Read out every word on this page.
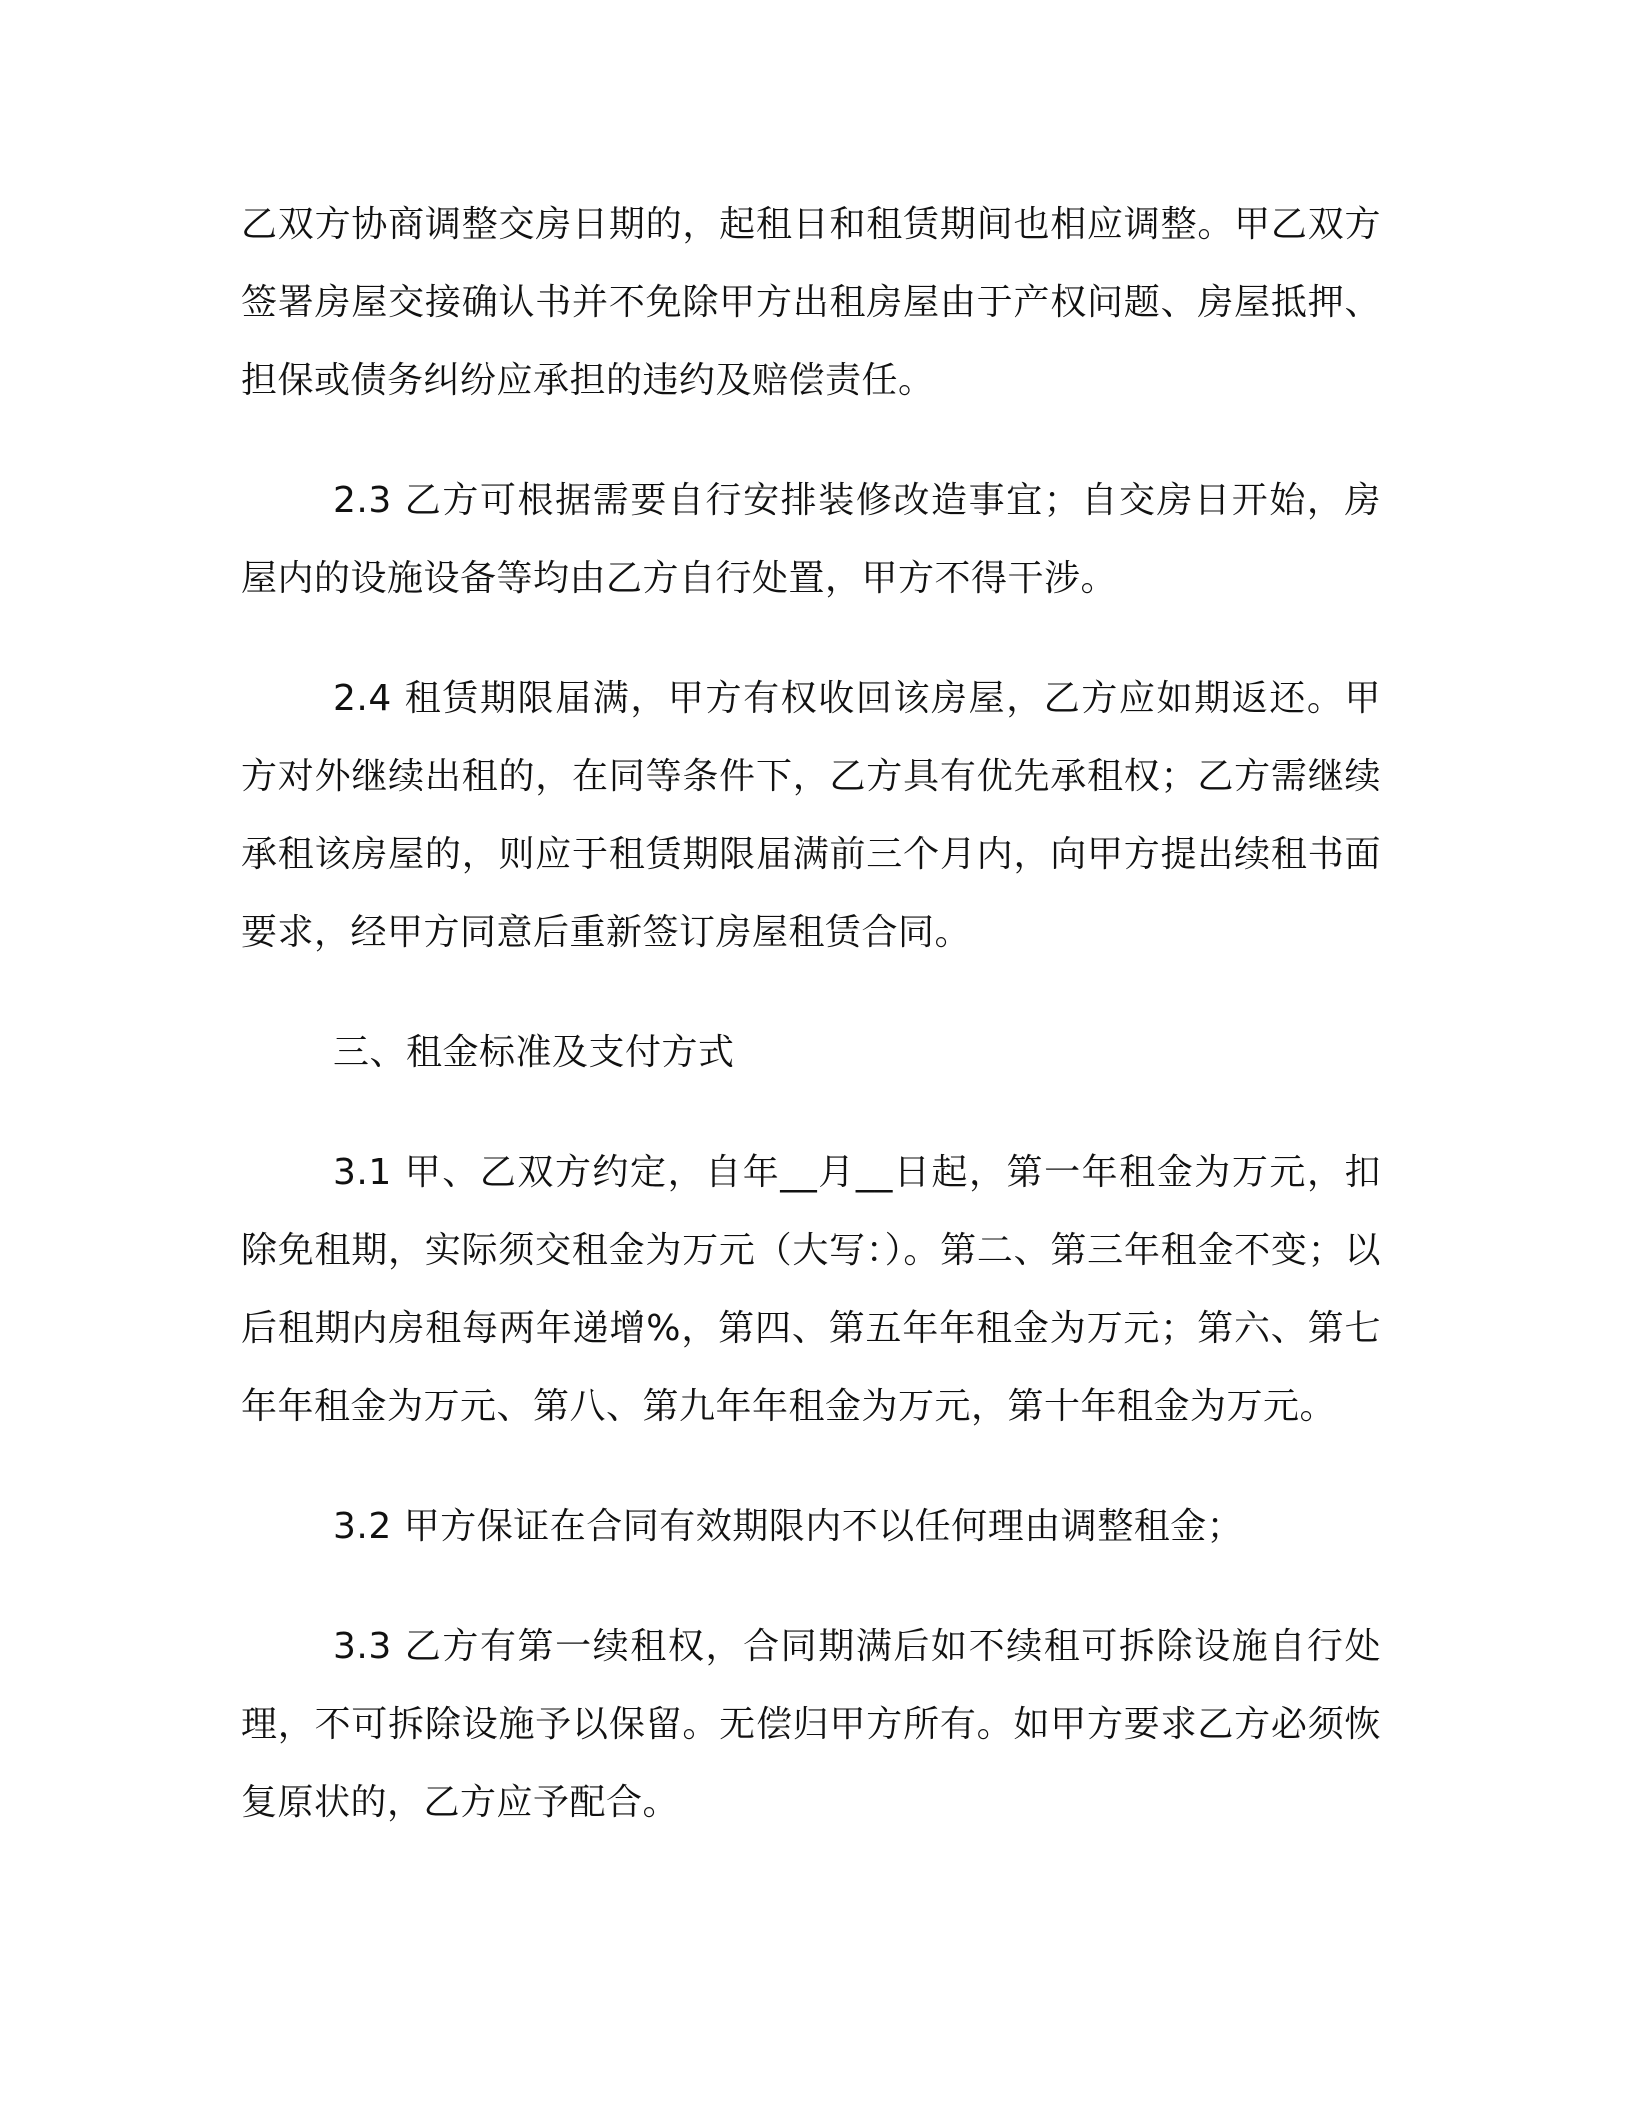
乙双方协商调整交房日期的，起租日和租赁期间也相应调整。甲乙双方签署房屋交接确认书并不免除甲方出租房屋由于产权问题、房屋抵押、担保或债务纠纷应承担的违约及赔偿责任。

2.3 乙方可根据需要自行安排装修改造事宜；自交房日开始，房屋内的设施设备等均由乙方自行处置，甲方不得干涉。

2.4 租赁期限届满，甲方有权收回该房屋，乙方应如期返还。甲方对外继续出租的，在同等条件下，乙方具有优先承租权；乙方需继续承租该房屋的，则应于租赁期限届满前三个月内，向甲方提出续租书面要求，经甲方同意后重新签订房屋租赁合同。

三、租金标准及支付方式

3.1 甲、乙双方约定，自年__月__日起，第一年租金为万元，扣除免租期，实际须交租金为万元（大写：）。第二、第三年租金不变；以后租期内房租每两年递增%，第四、第五年年租金为万元；第六、第七年年租金为万元、第八、第九年年租金为万元，第十年租金为万元。

3.2 甲方保证在合同有效期限内不以任何理由调整租金；

3.3 乙方有第一续租权，合同期满后如不续租可拆除设施自行处理，不可拆除设施予以保留。无偿归甲方所有。如甲方要求乙方必须恢复原状的，乙方应予配合。
